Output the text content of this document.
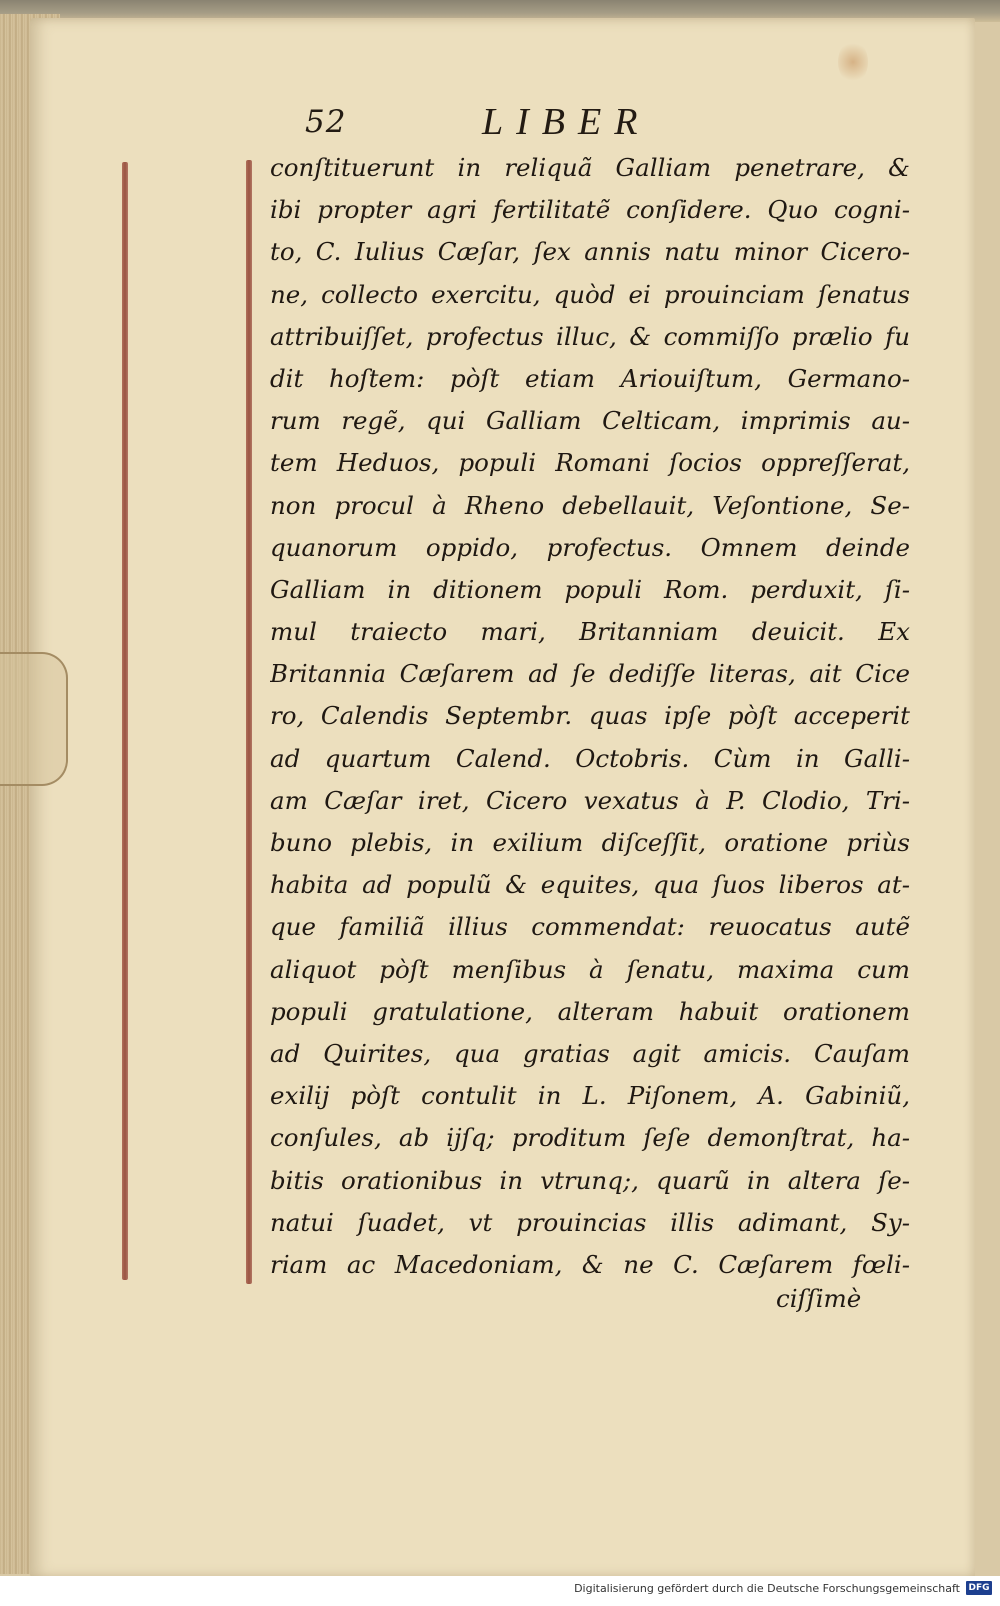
52	LIBER
conſtituerunt in reliquã Galliam penetrare, &
ibi propter agri fertilitatẽ conſidere. Quo cogni-
to, C. Iulius Cæſar, ſex annis natu minor Cicero-
ne, collecto exercitu, quòd ei prouinciam ſenatus
attribuiſſet, profectus illuc, & commiſſo prælio fu
dit hoſtem: pòſt etiam Ariouiſtum, Germano-
rum regẽ, qui Galliam Celticam, imprimis au-
tem Heduos, populi Romani ſocios oppreſſerat,
non procul à Rheno debellauit, Veſontione, Se-
quanorum oppido, profectus. Omnem deinde
Galliam in ditionem populi Rom. perduxit, ſi-
mul traiecto mari, Britanniam deuicit. Ex
Britannia Cæſarem ad ſe dediſſe literas, ait Cice
ro, Calendis Septembr. quas ipſe pòſt acceperit
ad quartum Calend. Octobris. Cùm in Galli-
am Cæſar iret, Cicero vexatus à P. Clodio, Tri-
buno plebis, in exilium diſceſſit, oratione priùs
habita ad populũ & equites, qua ſuos liberos at-
que familiã illius commendat: reuocatus autẽ
aliquot pòſt menſibus à ſenatu, maxima cum
populi gratulatione, alteram habuit orationem
ad Quirites, qua gratias agit amicis. Cauſam
exilij pòſt contulit in L. Piſonem, A. Gabiniũ,
conſules, ab ijſq; proditum ſeſe demonſtrat, ha-
bitis orationibus in vtrunq;, quarũ in altera ſe-
natui ſuadet, vt prouincias illis adimant, Sy-
riam ac Macedoniam, & ne C. Cæſarem fœli-
ciſſimè
Digitalisierung gefördert durch die Deutsche Forschungsgemeinschaft DFG
